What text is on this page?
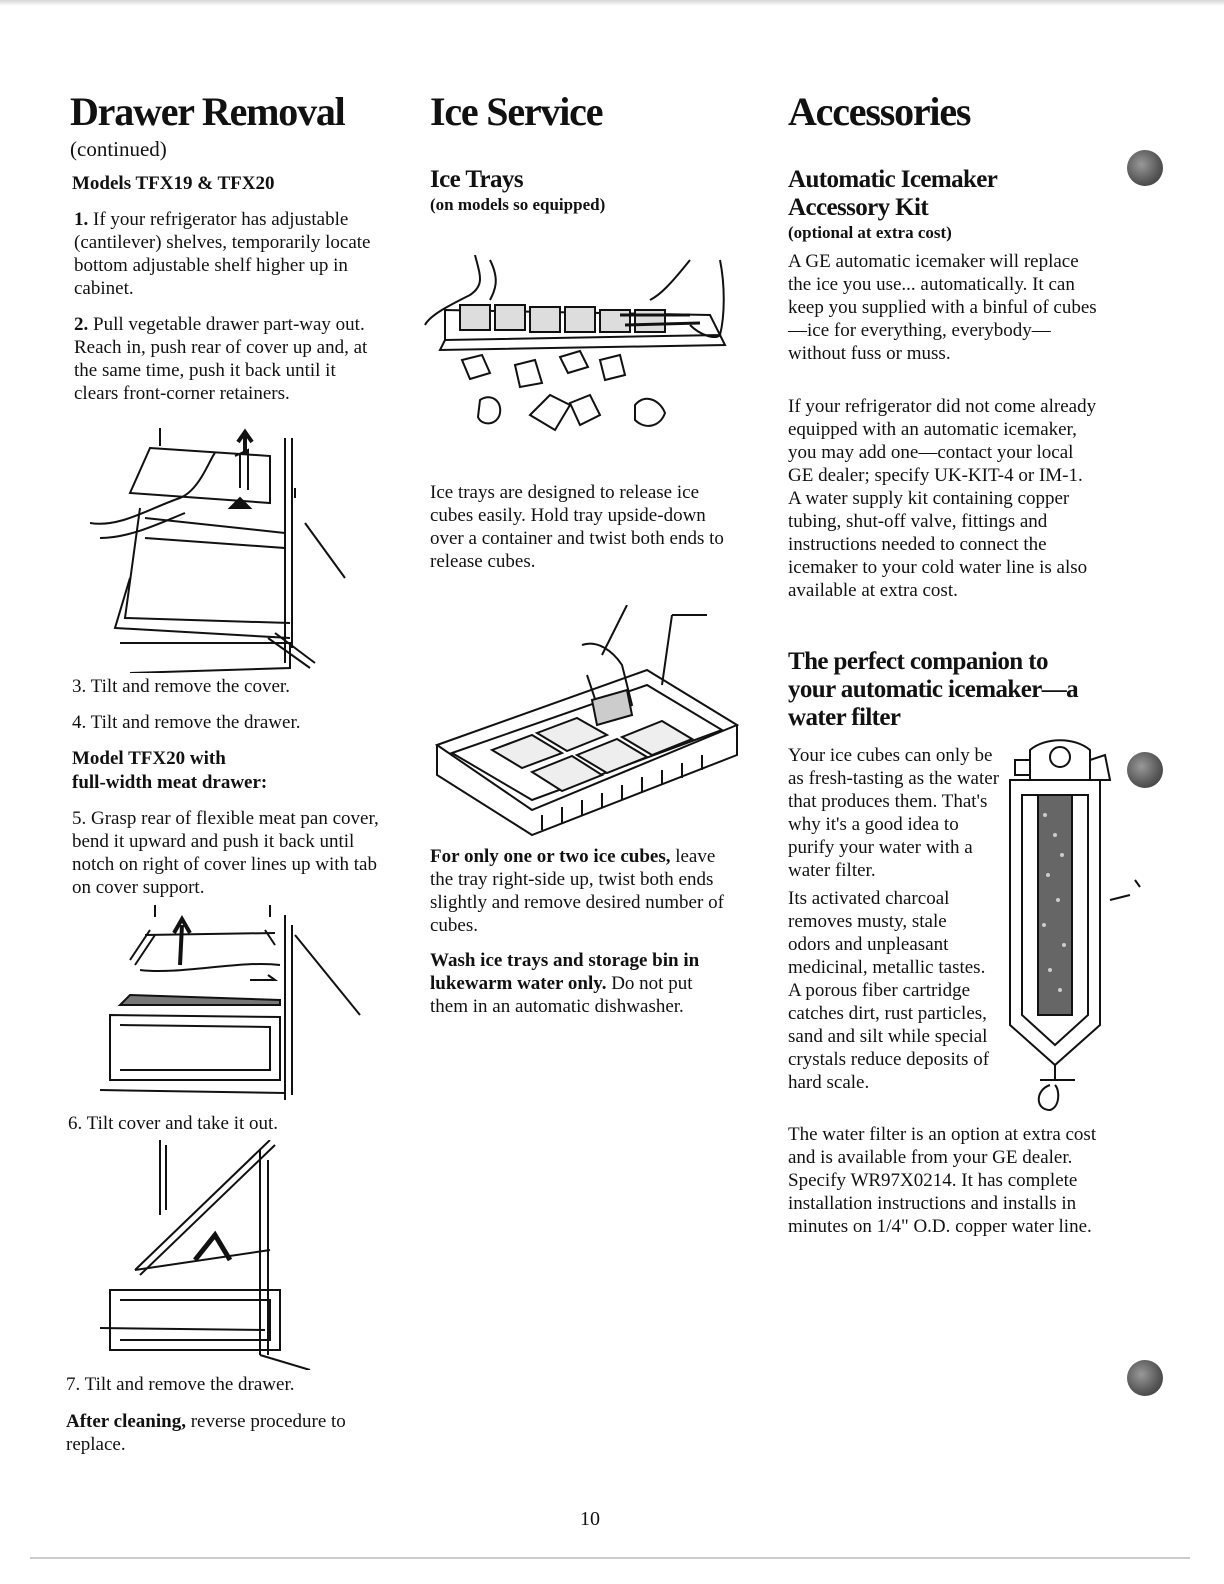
Drawer Removal

(continued)

Models TFX19 & TFX20

1. If your refrigerator has adjustable (cantilever) shelves, temporarily locate bottom adjustable shelf higher up in cabinet.

2. Pull vegetable drawer part-way out. Reach in, push rear of cover up and, at the same time, push it back until it clears front-corner retainers.

3. Tilt and remove the cover.

4. Tilt and remove the drawer.

Model TFX20 with
full-width meat drawer:

5. Grasp rear of flexible meat pan cover, bend it upward and push it back until notch on right of cover lines up with tab on cover support.

6. Tilt cover and take it out.

7. Tilt and remove the drawer.

After cleaning, reverse procedure to replace.

Ice Service
Ice Trays

(on models so equipped)

Ice trays are designed to release ice cubes easily. Hold tray upside-down over a container and twist both ends to release cubes.

For only one or two ice cubes, leave the tray right-side up, twist both ends slightly and remove desired number of cubes.

Wash ice trays and storage bin in lukewarm water only. Do not put them in an automatic dishwasher.

Accessories
Automatic Icemaker Accessory Kit

(optional at extra cost)

A GE automatic icemaker will replace the ice you use... automatically. It can keep you supplied with a binful of cubes—ice for everything, everybody—without fuss or muss.

If your refrigerator did not come already equipped with an automatic icemaker, you may add one—contact your local GE dealer; specify UK-KIT-4 or IM-1. A water supply kit containing copper tubing, shut-off valve, fittings and instructions needed to connect the icemaker to your cold water line is also available at extra cost.

The perfect companion to your automatic icemaker—a water filter

Your ice cubes can only be as fresh-tasting as the water that produces them. That's why it's a good idea to purify your water with a water filter.

Its activated charcoal removes musty, stale odors and unpleasant medicinal, metallic tastes. A porous fiber cartridge catches dirt, rust particles, sand and silt while special crystals reduce deposits of hard scale.

The water filter is an option at extra cost and is available from your GE dealer. Specify WR97X0214. It has complete installation instructions and installs in minutes on 1/4" O.D. copper water line.

10
